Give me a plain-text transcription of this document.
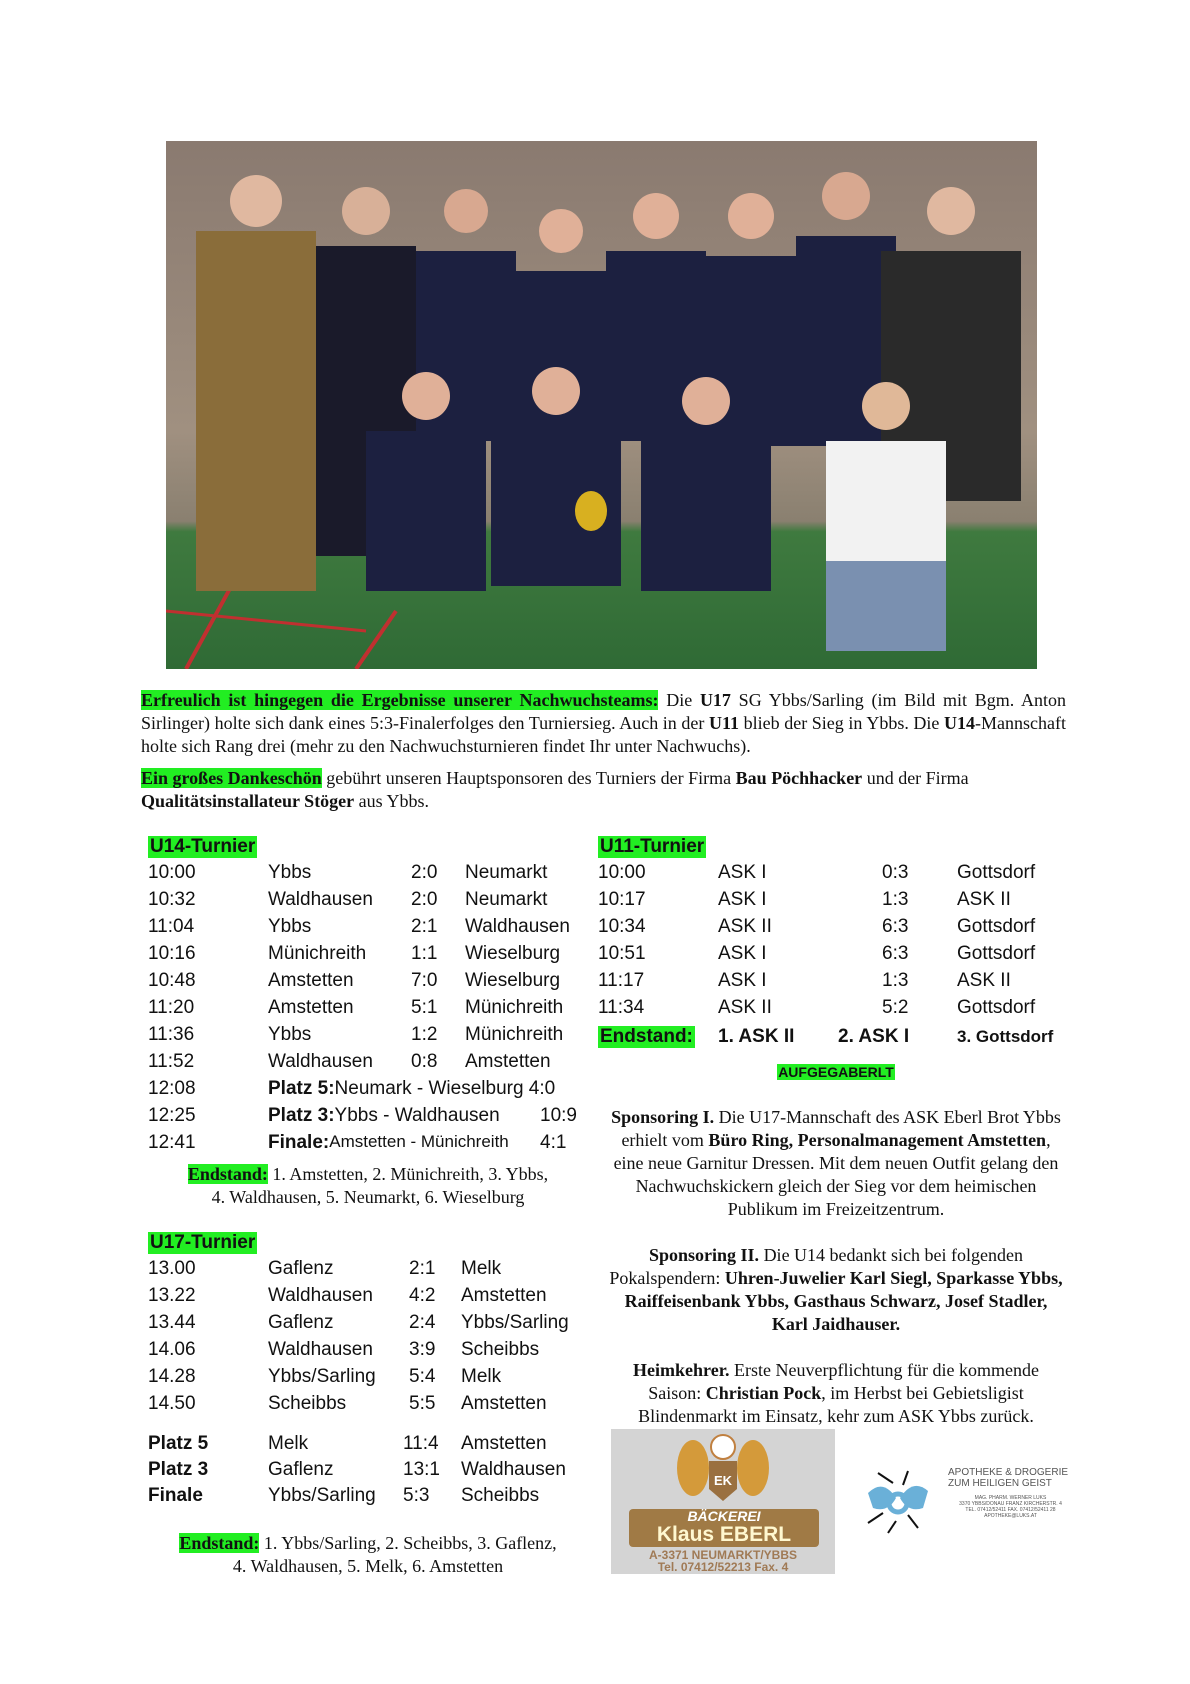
Erfreulich ist hingegen die Ergebnisse unserer Nachwuchsteams: Die U17 SG Ybbs/Sarling (im Bild mit Bgm. Anton Sirlinger) holte sich dank eines 5:3-Finalerfolges den Turniersieg. Auch in der U11 blieb der Sieg in Ybbs. Die U14-Mannschaft holte sich Rang drei (mehr zu den Nachwuchsturnieren findet Ihr unter Nachwuchs).
Ein großes Dankeschön gebührt unseren Hauptsponsoren des Turniers der Firma Bau Pöchhacker und der Firma Qualitätsinstallateur Stöger aus Ybbs.
U14-Turnier
10:00	Ybbs	2:0 Neumarkt
10:32	Waldhausen 2:0 Neumarkt
11:04	Ybbs	2:1 Waldhausen
10:16	Münichreith 1:1 Wieselburg
10:48	Amstetten	7:0 Wieselburg
11:20	Amstetten	5:1 Münichreith
11:36	Ybbs	1:2 Münichreith
11:52	Waldhausen 0:8 Amstetten
12:08	Platz 5: Neumark - Wieselburg 4:0
12:25	Platz 3: Ybbs - Waldhausen 10:9
12:41	Finale: Amstetten - Münichreith 4:1
Endstand: 1. Amstetten, 2. Münichreith, 3. Ybbs,
4. Waldhausen, 5. Neumarkt, 6. Wieselburg
U17-Turnier
13.00	Gaflenz	2:1 Melk
13.22	Waldhausen 4:2 Amstetten
13.44	Gaflenz	2:4 Ybbs/Sarling
14.06	Waldhausen 3:9 Scheibbs
14.28	Ybbs/Sarling 5:4 Melk
14.50	Scheibbs	5:5 Amstetten
Platz 5	Melk	11:4 Amstetten
Platz 3	Gaflenz	13:1 Waldhausen
Finale	Ybbs/Sarling 5:3 Scheibbs
Endstand: 1. Ybbs/Sarling, 2. Scheibbs, 3. Gaflenz,
4. Waldhausen, 5. Melk, 6. Amstetten
U11-Turnier
10:00	ASK I	0:3	Gottsdorf
10:17	ASK I	1:3	ASK II
10:34	ASK II	6:3	Gottsdorf
10:51	ASK I	6:3	Gottsdorf
11:17	ASK I	1:3	ASK II
11:34	ASK II	5:2	Gottsdorf
Endstand: 1. ASK II 2. ASK I	3. Gottsdorf
AUFGEGABERLT
Sponsoring I. Die U17-Mannschaft des ASK Eberl Brot Ybbs erhielt vom Büro Ring, Personalmanagement Amstetten, eine neue Garnitur Dressen. Mit dem neuen Outfit gelang den Nachwuchskickern gleich der Sieg vor dem heimischen Publikum im Freizeitzentrum.
Sponsoring II. Die U14 bedankt sich bei folgenden Pokalspendern: Uhren-Juwelier Karl Siegl, Sparkasse Ybbs, Raiffeisenbank Ybbs, Gasthaus Schwarz, Josef Stadler, Karl Jaidhauser.
Heimkehrer. Erste Neuverpflichtung für die kommende Saison: Christian Pock, im Herbst bei Gebietsligist Blindenmarkt im Einsatz, kehr zum ASK Ybbs zurück.
EK
BÄCKEREI
Klaus EBERL
A-3371 NEUMARKT/YBBS
Tel. 07412/52213 Fax. 4
APOTHEKE & DROGERIE
ZUM HEILIGEN GEIST
MAG. PHARM. WERNER LUKS
3370 YBBS/DONAU FRANZ KIRCHERSTR. 4
TEL. 07412/52411 FAX. 07412/52411 28
APOTHEKE@LUKS.AT
